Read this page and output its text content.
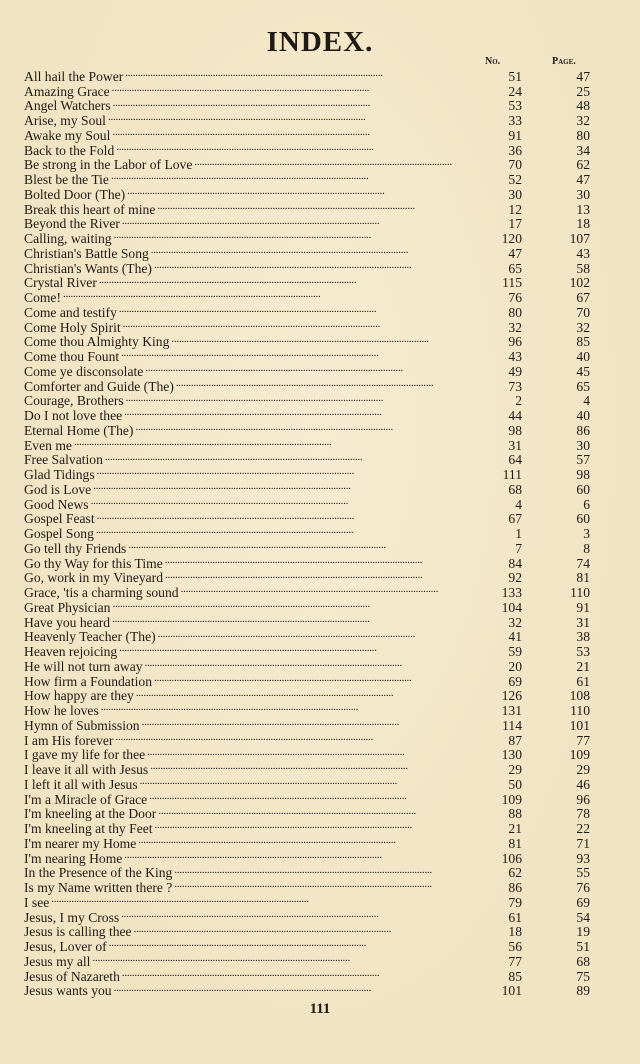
INDEX.
No.	Page.
All hail the Power . . .	51	47
Amazing Grace . . .	24	25
Angel Watchers . . .	53	48
Arise, my Soul . . .	33	32
Awake my Soul . . .	91	80
Back to the Fold . . .	36	34
Be strong in the Labor of Love . . .	70	62
Blest be the Tie . . .	52	47
Bolted Door (The) . . .	30	30
Break this heart of mine . . .	12	13
Beyond the River . . .	17	18
Calling, waiting . . .	120	107
Christian's Battle Song . . .	47	43
Christian's Wants (The) . . .	65	58
Crystal River . . .	115	102
Come! . . .	76	67
Come and testify . . .	80	70
Come Holy Spirit . . .	32	32
Come thou Almighty King . . .	96	85
Come thou Fount . . .	43	40
Come ye disconsolate . . .	49	45
Comforter and Guide (The) . . .	73	65
Courage, Brothers . . .	2	4
Do I not love thee . . .	44	40
Eternal Home (The) . . .	98	86
Even me . . .	31	30
Free Salvation . . .	64	57
Glad Tidings . . .	111	98
God is Love . . .	68	60
Good News . . .	4	6
Gospel Feast . . .	67	60
Gospel Song . . .	1	3
Go tell thy Friends . . .	7	8
Go thy Way for this Time . . .	84	74
Go, work in my Vineyard . . .	92	81
Grace, 'tis a charming sound . . .	133	110
Great Physician . . .	104	91
Have you heard . . .	32	31
Heavenly Teacher (The) . . .	41	38
Heaven rejoicing . . .	59	53
He will not turn away . . .	20	21
How firm a Foundation . . .	69	61
How happy are they . . .	126	108
How he loves . . .	131	110
Hymn of Submission . . .	114	101
I am His forever . . .	87	77
I gave my life for thee . . .	130	109
I leave it all with Jesus . . .	29	29
I left it all with Jesus . . .	50	46
I'm a Miracle of Grace . . .	109	96
I'm kneeling at the Door . . .	88	78
I'm kneeling at thy Feet . . .	21	22
I'm nearer my Home . . .	81	71
I'm nearing Home . . .	106	93
In the Presence of the King . . .	62	55
Is my Name written there ? . . .	86	76
I see . . .	79	69
Jesus, I my Cross . . .	61	54
Jesus is calling thee . . .	18	19
Jesus, Lover of . . .	56	51
Jesus my all . . .	77	68
Jesus of Nazareth . . .	85	75
Jesus wants you . . .	101	89
111
